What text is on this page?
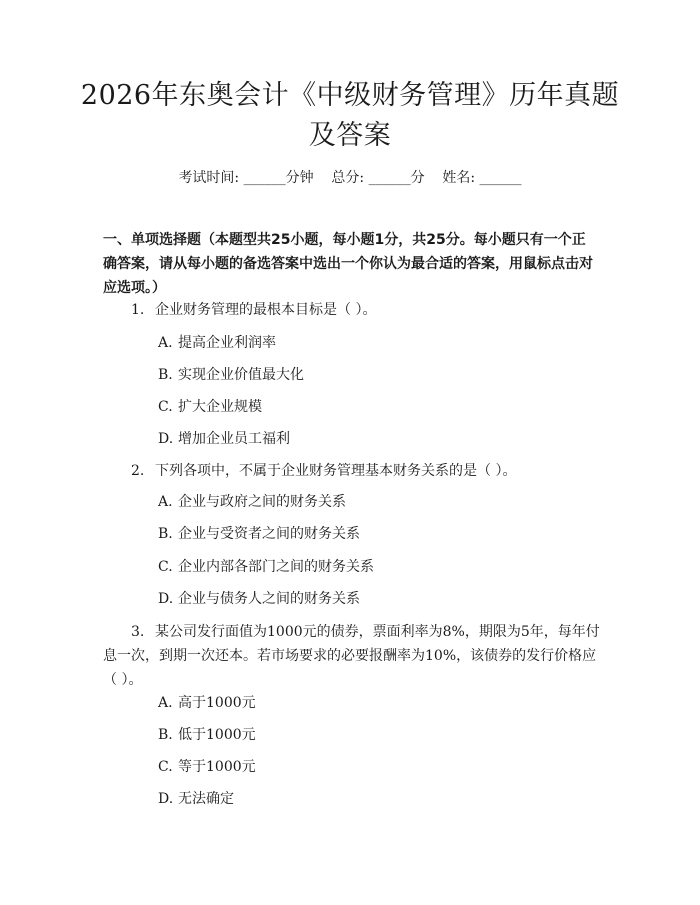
2026年东奥会计《中级财务管理》历年真题
及答案
考试时间: ______分钟    总分: ______分    姓名: ______
一、单项选择题（本题型共25小题，每小题1分，共25分。每小题只有一个正
确答案，请从每小题的备选答案中选出一个你认为最合适的答案，用鼠标点击对
应选项。）
1. 企业财务管理的最根本目标是（ ）。
A. 提高企业利润率
B. 实现企业价值最大化
C. 扩大企业规模
D. 增加企业员工福利
2. 下列各项中，不属于企业财务管理基本财务关系的是（ ）。
A. 企业与政府之间的财务关系
B. 企业与受资者之间的财务关系
C. 企业内部各部门之间的财务关系
D. 企业与债务人之间的财务关系
3. 某公司发行面值为1000元的债券，票面利率为8%，期限为5年，每年付
息一次，到期一次还本。若市场要求的必要报酬率为10%，该债券的发行价格应
（ ）。
A. 高于1000元
B. 低于1000元
C. 等于1000元
D. 无法确定
